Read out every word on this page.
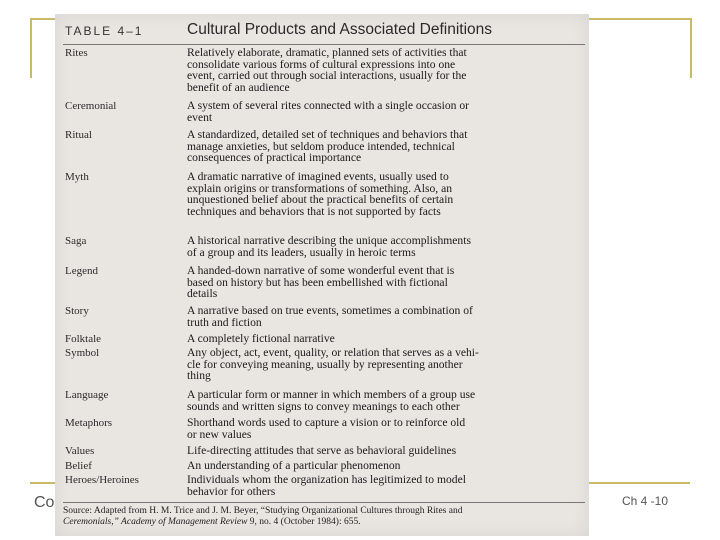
Co	Ch 4 -10
TABLE 4–1	Cultural Products and Associated Definitions
Rites	Relatively elaborate, dramatic, planned sets of activities that
consolidate various forms of cultural expressions into one
event, carried out through social interactions, usually for the
benefit of an audience
Ceremonial	A system of several rites connected with a single occasion or
event
Ritual	A standardized, detailed set of techniques and behaviors that
manage anxieties, but seldom produce intended, technical
consequences of practical importance
Myth	A dramatic narrative of imagined events, usually used to
explain origins or transformations of something. Also, an
unquestioned belief about the practical benefits of certain
techniques and behaviors that is not supported by facts
Saga	A historical narrative describing the unique accomplishments
of a group and its leaders, usually in heroic terms
Legend	A handed-down narrative of some wonderful event that is
based on history but has been embellished with fictional
details
Story	A narrative based on true events, sometimes a combination of
truth and fiction
Folktale	A completely fictional narrative
Symbol	Any object, act, event, quality, or relation that serves as a vehi-
cle for conveying meaning, usually by representing another
thing
Language	A particular form or manner in which members of a group use
sounds and written signs to convey meanings to each other
Metaphors	Shorthand words used to capture a vision or to reinforce old
or new values
Values	Life-directing attitudes that serve as behavioral guidelines
Belief	An understanding of a particular phenomenon
Heroes/Heroines	Individuals whom the organization has legitimized to model
behavior for others
Source: Adapted from H. M. Trice and J. M. Beyer, “Studying Organizational Cultures through Rites and
Ceremonials,” Academy of Management Review 9, no. 4 (October 1984): 655.
